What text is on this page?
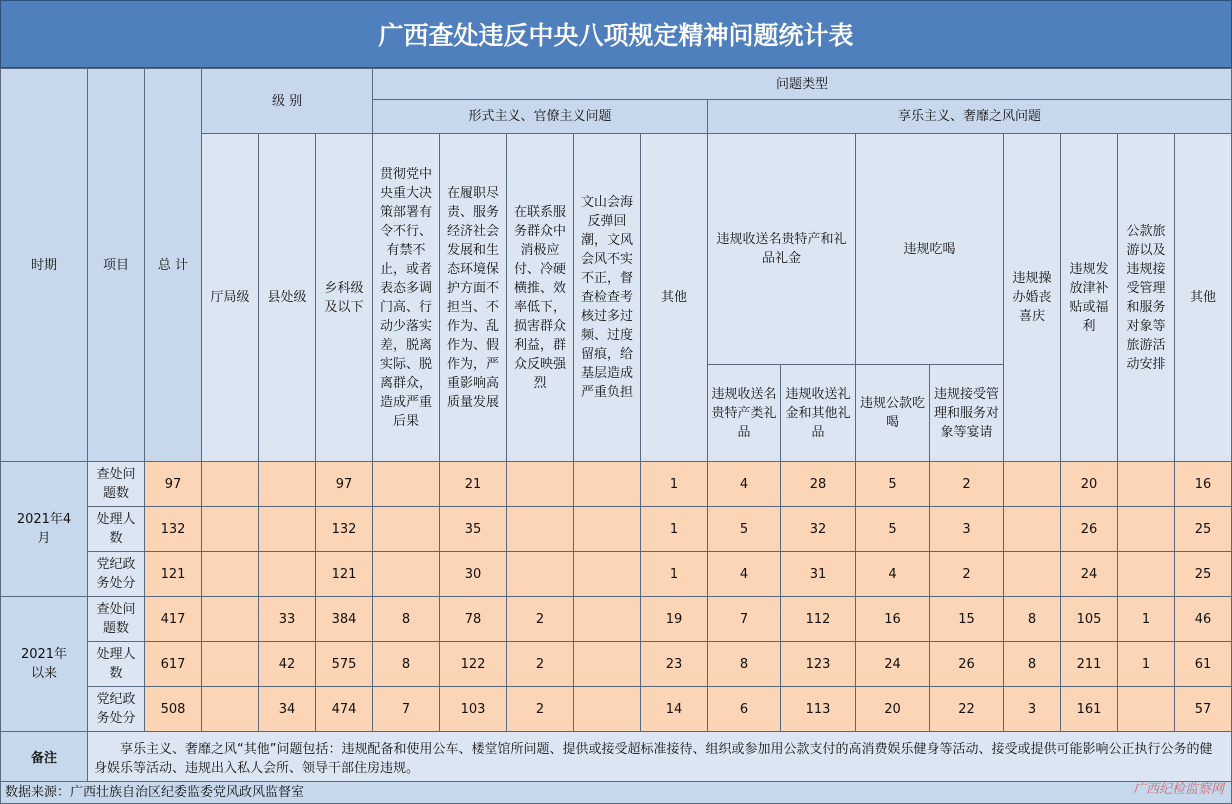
广西查处违反中央八项规定精神问题统计表
时期	项目	总 计	级 别			问题类型												
						形式主义、官僚主义问题					享乐主义、奢靡之风问题							
			厅局级	县处级	乡科级及以下	贯彻党中央重大决策部署有令不行、有禁不止，或者表态多调门高、行动少落实差，脱离实际、脱离群众，造成严重后果	在履职尽责、服务经济社会发展和生态环境保护方面不担当、不作为、乱作为、假作为，严重影响高质量发展	在联系服务群众中消极应付、冷硬横推、效率低下，损害群众利益，群众反映强烈	文山会海反弹回潮，文风会风不实不正，督查检查考核过多过频、过度留痕，给基层造成严重负担	其他	违规收送名贵特产和礼品礼金		违规吃喝		违规操办婚丧喜庆	违规发放津补贴或福利	公款旅游以及违规接受管理和服务对象等旅游活动安排	其他
											违规收送名贵特产类礼品	违规收送礼金和其他礼品	违规公款吃喝	违规接受管理和服务对象等宴请				
2021年4月	查处问题数	97			97		21			1	4	28	5	2		20		16
	处理人数	132			132		35			1	5	32	5	3		26		25
	党纪政务处分	121			121		30			1	4	31	4	2		24		25
2021年以来	查处问题数	417		33	384	8	78	2		19	7	112	16	15	8	105	1	46
	处理人数	617		42	575	8	122	2		23	8	123	24	26	8	211	1	61
	党纪政务处分	508		34	474	7	103	2		14	6	113	20	22	3	161		57
备注	享乐主义、奢靡之风“其他”问题包括：违规配备和使用公车、楼堂馆所问题、提供或接受超标准接待、组织或参加用公款支付的高消费娱乐健身等活动、接受或提供可能影响公正执行公务的健身娱乐等活动、违规出入私人会所、领导干部住房违规。																	
数据来源：广西壮族自治区纪委监委党风政风监督室	广西纪检监察网
